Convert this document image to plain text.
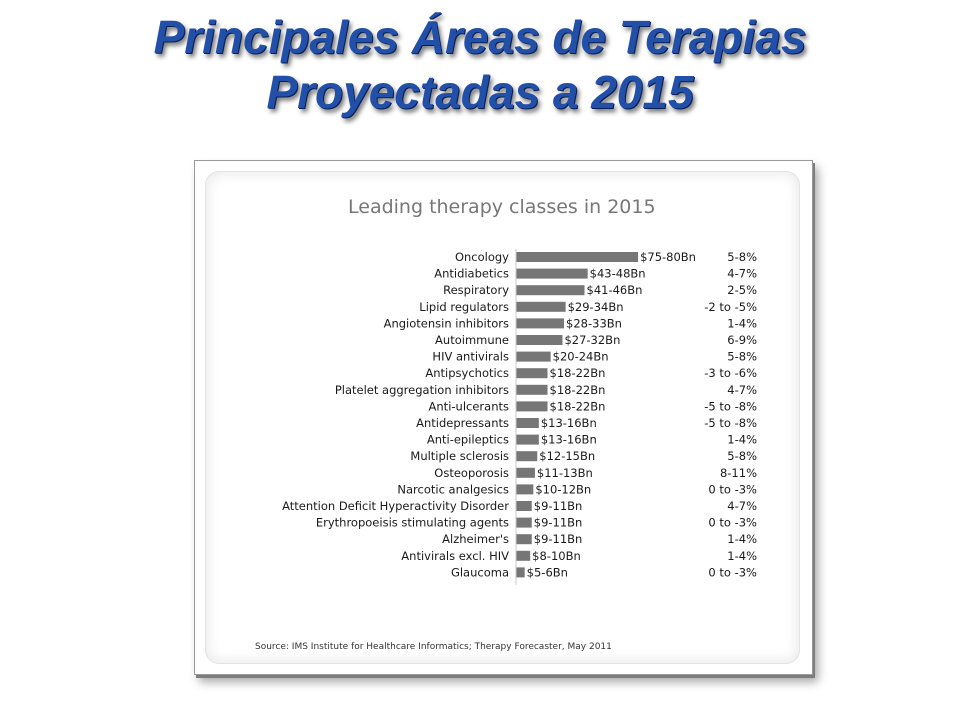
Principales Áreas de Terapias
Proyectadas a 2015
Leading therapy classes in 2015
Oncology	$75-80Bn	5-8%
Antidiabetics	$43-48Bn	4-7%
Respiratory	$41-46Bn	2-5%
Lipid regulators	$29-34Bn	-2 to -5%
Angiotensin inhibitors	$28-33Bn	1-4%
Autoimmune	$27-32Bn	6-9%
HIV antivirals	$20-24Bn	5-8%
Antipsychotics	$18-22Bn	-3 to -6%
Platelet aggregation inhibitors	$18-22Bn	4-7%
Anti-ulcerants	$18-22Bn	-5 to -8%
Antidepressants	$13-16Bn	-5 to -8%
Anti-epileptics	$13-16Bn	1-4%
Multiple sclerosis	$12-15Bn	5-8%
Osteoporosis $11-13Bn	8-11%
Narcotic analgesics $10-12Bn	0 to -3%
Attention Deficit Hyperactivity Disorder $9-11Bn	4-7%
Erythropoeisis stimulating agents $9-11Bn	0 to -3%
Alzheimer's $9-11Bn	1-4%
Antivirals excl. HIV $8-10Bn	1-4%
Glaucoma $5-6Bn	0 to -3%
Source: IMS Institute for Healthcare Informatics; Therapy Forecaster, May 2011
